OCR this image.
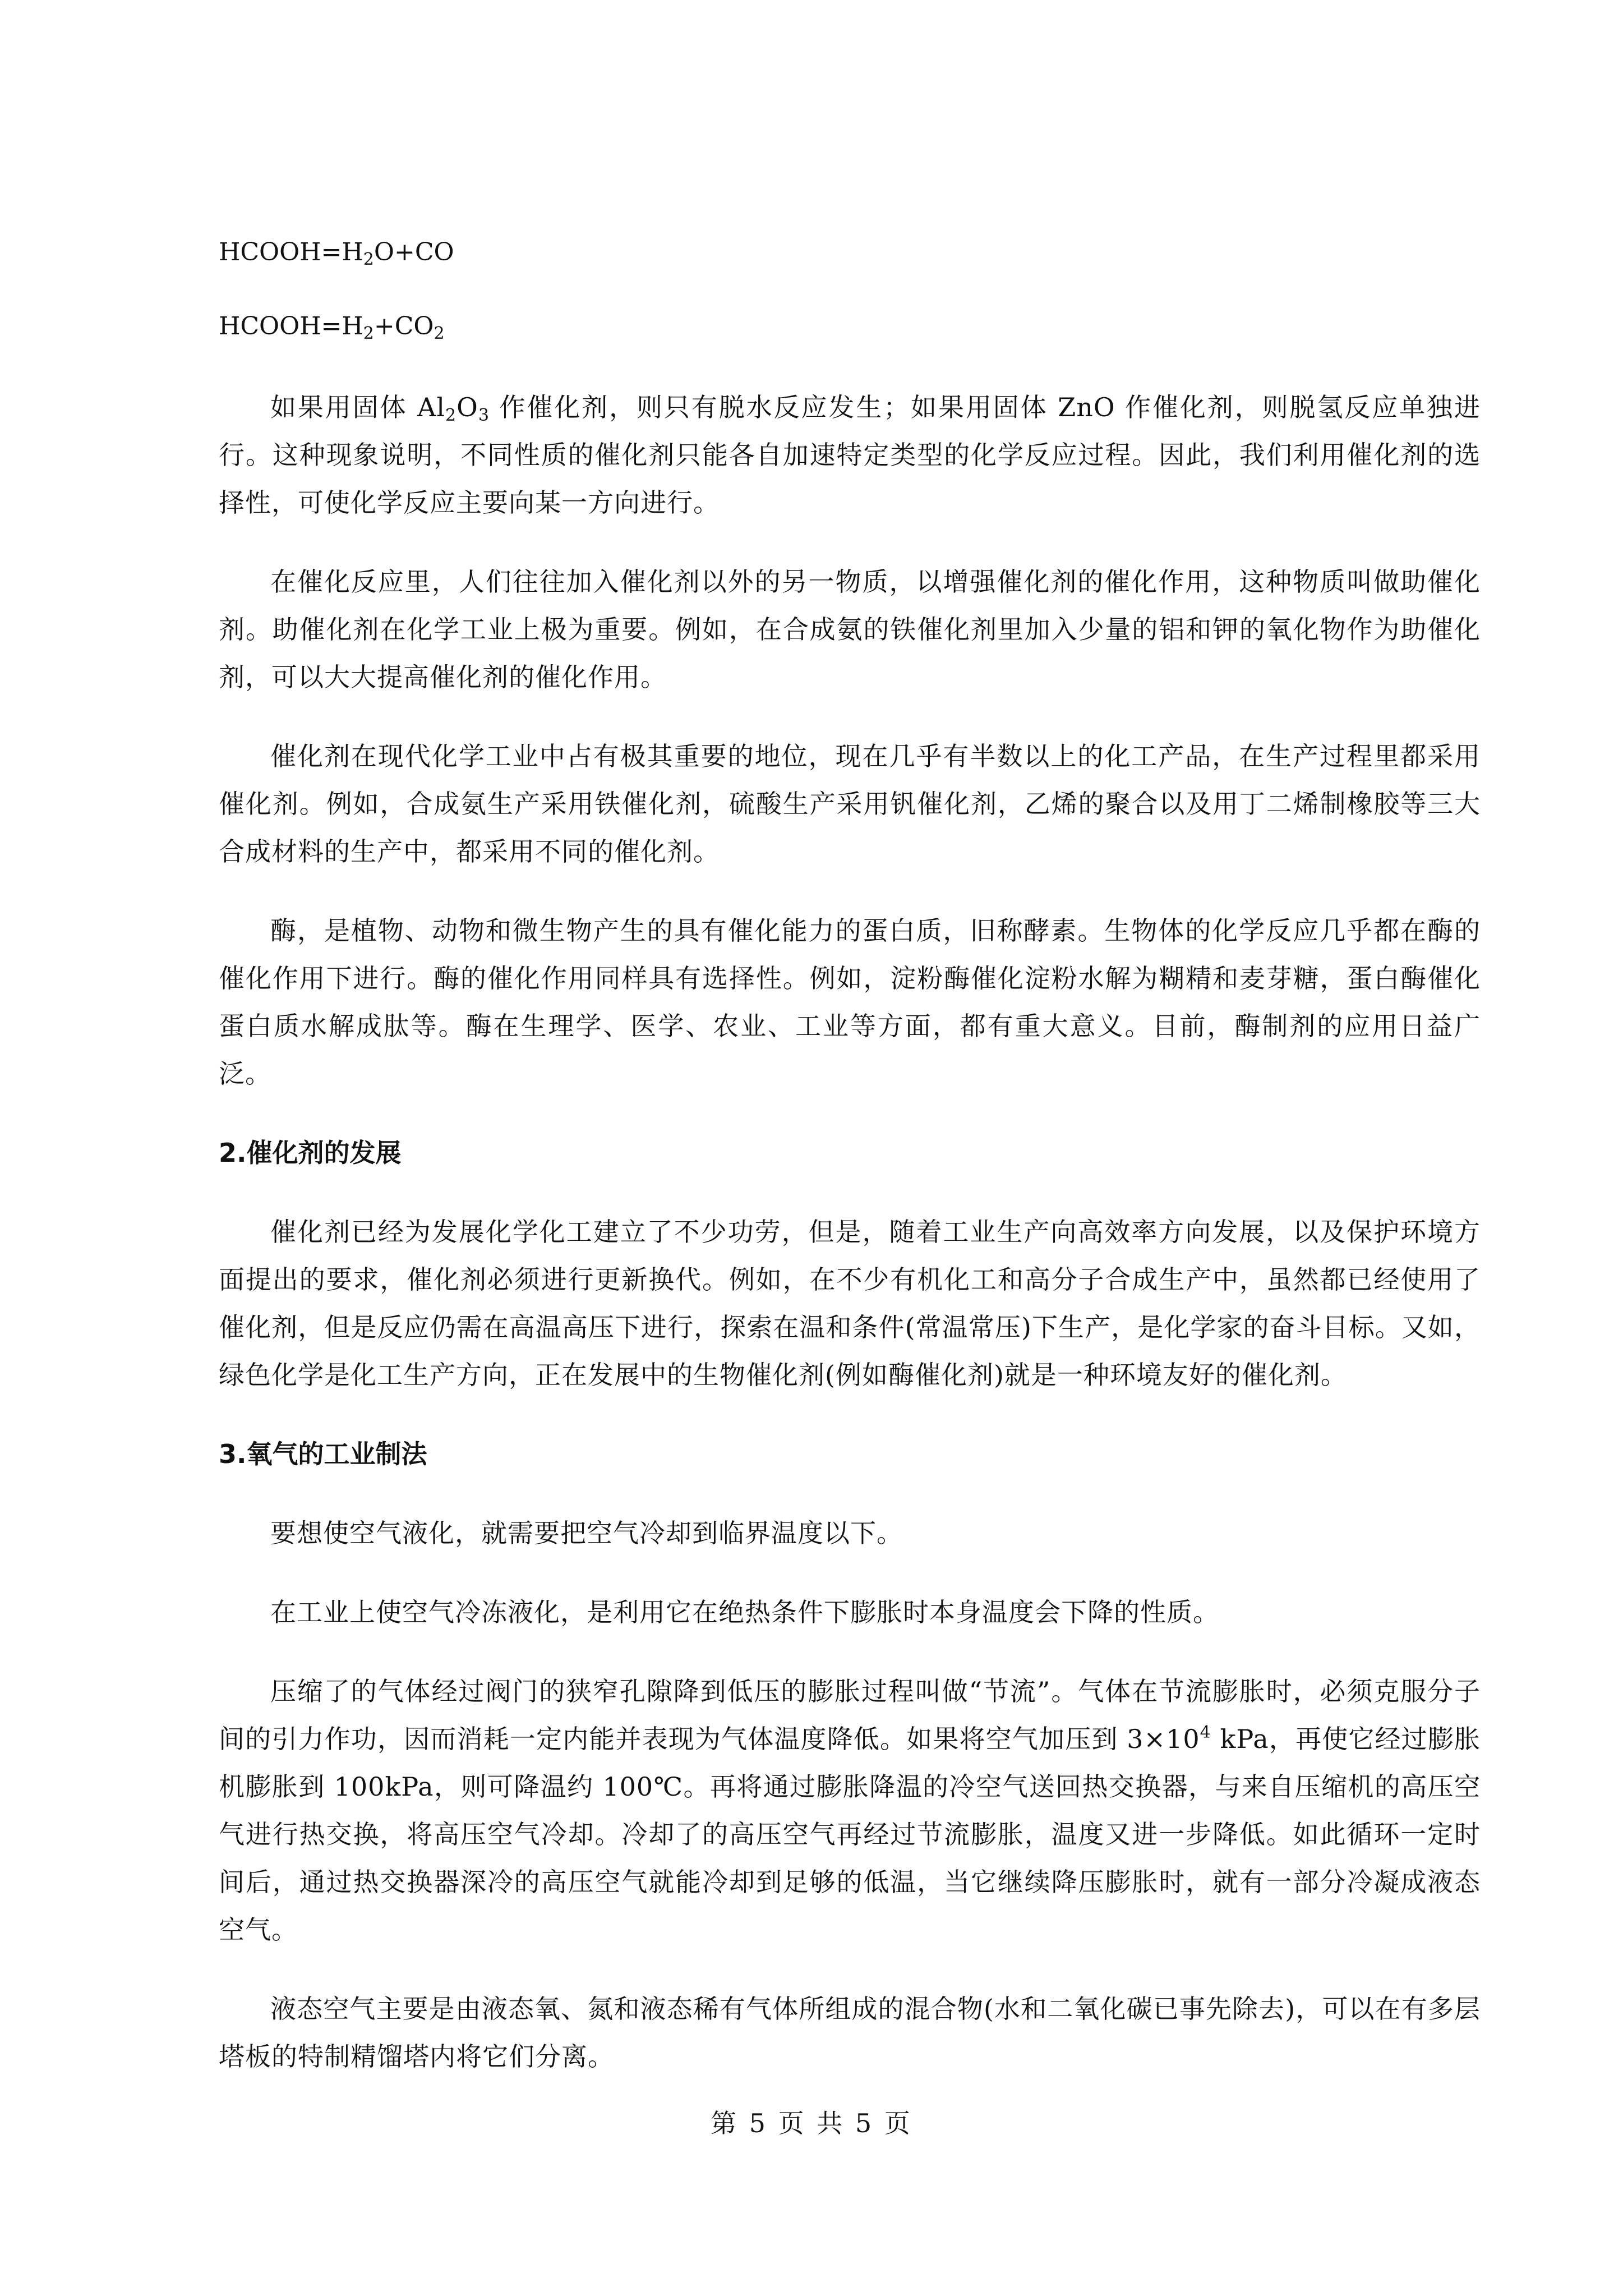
$HCOOH=H_2O+CO$
$HCOOH=H_2+CO_2$

如果用固体 $Al_2O_3$ 作催化剂，则只有脱水反应发生；如果用固体 ZnO 作催化剂，则脱氢反应单独进行。这种现象说明，不同性质的催化剂只能各自加速特定类型的化学反应过程。因此，我们利用催化剂的选择性，可使化学反应主要向某一方向进行。

在催化反应里，人们往往加入催化剂以外的另一物质，以增强催化剂的催化作用，这种物质叫做助催化剂。助催化剂在化学工业上极为重要。例如，在合成氨的铁催化剂里加入少量的铝和钾的氧化物作为助催化剂，可以大大提高催化剂的催化作用。

催化剂在现代化学工业中占有极其重要的地位，现在几乎有半数以上的化工产品，在生产过程里都采用催化剂。例如，合成氨生产采用铁催化剂，硫酸生产采用钒催化剂，乙烯的聚合以及用丁二烯制橡胶等三大合成材料的生产中，都采用不同的催化剂。

酶，是植物、动物和微生物产生的具有催化能力的蛋白质，旧称酵素。生物体的化学反应几乎都在酶的催化作用下进行。酶的催化作用同样具有选择性。例如，淀粉酶催化淀粉水解为糊精和麦芽糖，蛋白酶催化蛋白质水解成肽等。酶在生理学、医学、农业、工业等方面，都有重大意义。目前，酶制剂的应用日益广泛。

2.催化剂的发展

催化剂已经为发展化学化工建立了不少功劳，但是，随着工业生产向高效率方向发展，以及保护环境方面提出的要求，催化剂必须进行更新换代。例如，在不少有机化工和高分子合成生产中，虽然都已经使用了催化剂，但是反应仍需在高温高压下进行，探索在温和条件(常温常压)下生产，是化学家的奋斗目标。又如，绿色化学是化工生产方向，正在发展中的生物催化剂(例如酶催化剂)就是一种环境友好的催化剂。

3.氧气的工业制法

要想使空气液化，就需要把空气冷却到临界温度以下。

在工业上使空气冷冻液化，是利用它在绝热条件下膨胀时本身温度会下降的性质。

压缩了的气体经过阀门的狭窄孔隙降到低压的膨胀过程叫做“节流”。气体在节流膨胀时，必须克服分子间的引力作功，因而消耗一定内能并表现为气体温度降低。如果将空气加压到 $3\times 10^4$ kPa，再使它经过膨胀机膨胀到 100kPa，则可降温约 100℃。再将通过膨胀降温的冷空气送回热交换器，与来自压缩机的高压空气进行热交换，将高压空气冷却。冷却了的高压空气再经过节流膨胀，温度又进一步降低。如此循环一定时间后，通过热交换器深冷的高压空气就能冷却到足够的低温，当它继续降压膨胀时，就有一部分冷凝成液态空气。

液态空气主要是由液态氧、氮和液态稀有气体所组成的混合物(水和二氧化碳已事先除去)，可以在有多层塔板的特制精馏塔内将它们分离。

第 5 页 共 5 页
